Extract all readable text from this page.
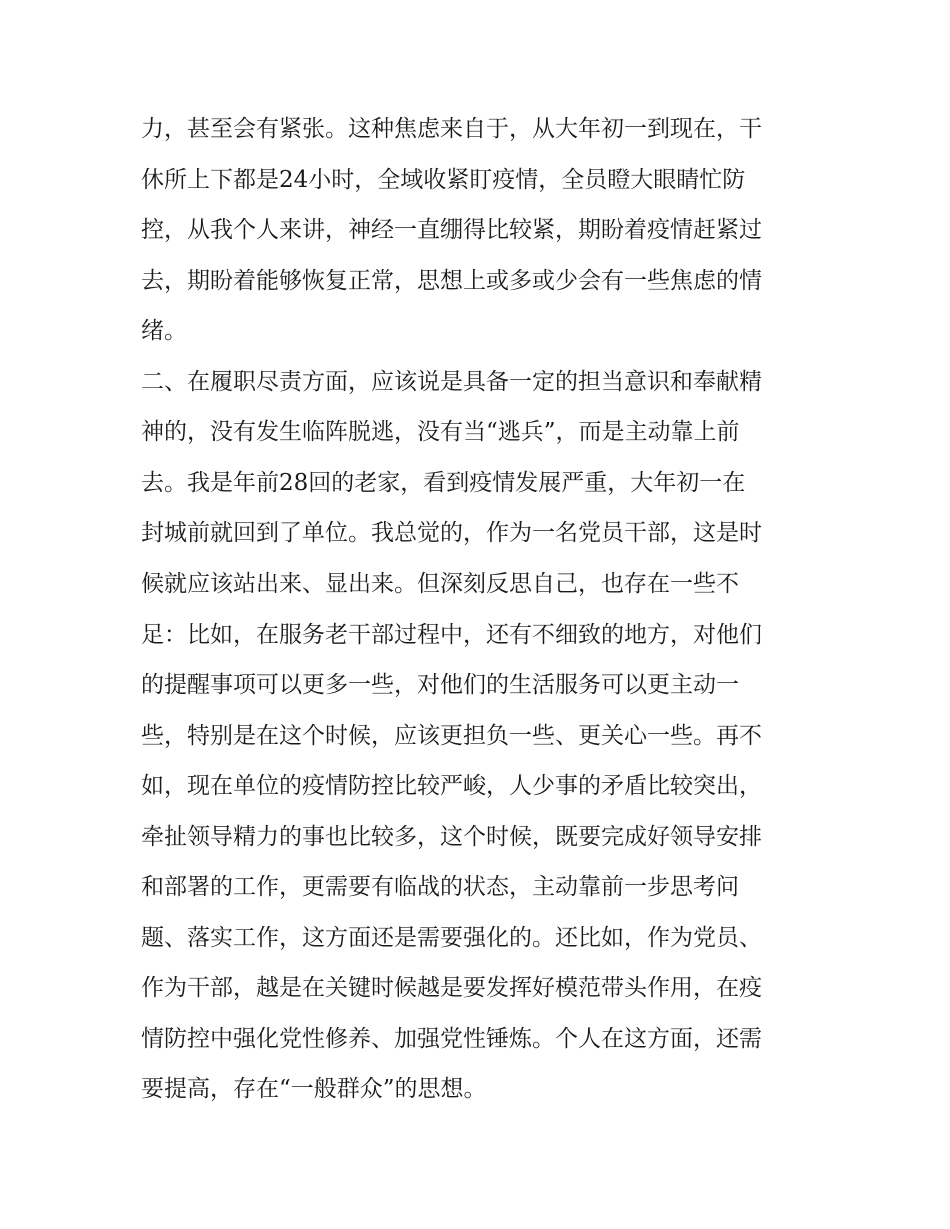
力，甚至会有紧张。这种焦虑来自于，从大年初一到现在，干

休所上下都是24小时，全域收紧盯疫情，全员瞪大眼睛忙防

控，从我个人来讲，神经一直绷得比较紧，期盼着疫情赶紧过

去，期盼着能够恢复正常，思想上或多或少会有一些焦虑的情

绪。

二、在履职尽责方面，应该说是具备一定的担当意识和奉献精

神的，没有发生临阵脱逃，没有当“逃兵”，而是主动靠上前

去。我是年前28回的老家，看到疫情发展严重，大年初一在

封城前就回到了单位。我总觉的，作为一名党员干部，这是时

候就应该站出来、显出来。但深刻反思自己，也存在一些不

足：比如，在服务老干部过程中，还有不细致的地方，对他们

的提醒事项可以更多一些，对他们的生活服务可以更主动一

些，特别是在这个时候，应该更担负一些、更关心一些。再不

如，现在单位的疫情防控比较严峻，人少事的矛盾比较突出，

牵扯领导精力的事也比较多，这个时候，既要完成好领导安排

和部署的工作，更需要有临战的状态，主动靠前一步思考问

题、落实工作，这方面还是需要强化的。还比如，作为党员、

作为干部，越是在关键时候越是要发挥好模范带头作用，在疫

情防控中强化党性修养、加强党性锤炼。个人在这方面，还需

要提高，存在“一般群众”的思想。
